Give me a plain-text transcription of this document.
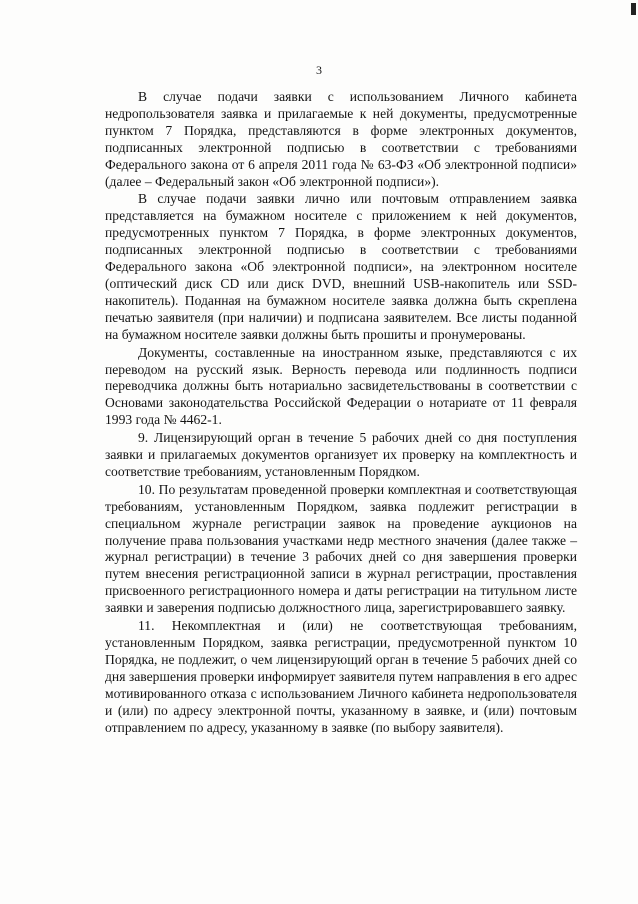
3

В случае подачи заявки с использованием Личного кабинета недропользователя заявка и прилагаемые к ней документы, предусмотренные пунктом 7 Порядка, представляются в форме электронных документов, подписанных электронной подписью в соответствии с требованиями Федерального закона от 6 апреля 2011 года № 63-ФЗ «Об электронной подписи» (далее – Федеральный закон «Об электронной подписи»).

В случае подачи заявки лично или почтовым отправлением заявка представляется на бумажном носителе с приложением к ней документов, предусмотренных пунктом 7 Порядка, в форме электронных документов, подписанных электронной подписью в соответствии с требованиями Федерального закона «Об электронной подписи», на электронном носителе (оптический диск CD или диск DVD, внешний USB-накопитель или SSD-накопитель). Поданная на бумажном носителе заявка должна быть скреплена печатью заявителя (при наличии) и подписана заявителем. Все листы поданной на бумажном носителе заявки должны быть прошиты и пронумерованы.

Документы, составленные на иностранном языке, представляются с их переводом на русский язык. Верность перевода или подлинность подписи переводчика должны быть нотариально засвидетельствованы в соответствии с Основами законодательства Российской Федерации о нотариате от 11 февраля 1993 года № 4462-1.

9. Лицензирующий орган в течение 5 рабочих дней со дня поступления заявки и прилагаемых документов организует их проверку на комплектность и соответствие требованиям, установленным Порядком.

10. По результатам проведенной проверки комплектная и соответствующая требованиям, установленным Порядком, заявка подлежит регистрации в специальном журнале регистрации заявок на проведение аукционов на получение права пользования участками недр местного значения (далее также – журнал регистрации) в течение 3 рабочих дней со дня завершения проверки путем внесения регистрационной записи в журнал регистрации, проставления присвоенного регистрационного номера и даты регистрации на титульном листе заявки и заверения подписью должностного лица, зарегистрировавшего заявку.

11. Некомплектная и (или) не соответствующая требованиям, установленным Порядком, заявка регистрации, предусмотренной пунктом 10 Порядка, не подлежит, о чем лицензирующий орган в течение 5 рабочих дней со дня завершения проверки информирует заявителя путем направления в его адрес мотивированного отказа с использованием Личного кабинета недропользователя и (или) по адресу электронной почты, указанному в заявке, и (или) почтовым отправлением по адресу, указанному в заявке (по выбору заявителя).
